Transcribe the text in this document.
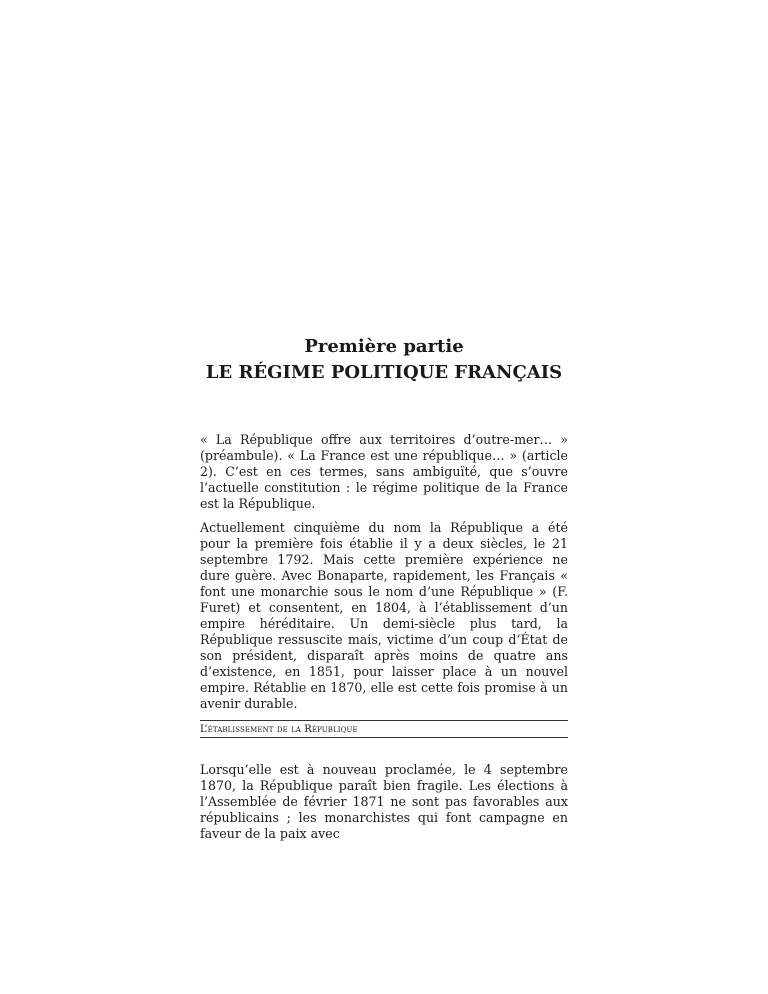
Première partie
LE RÉGIME POLITIQUE FRANÇAIS

« La République offre aux territoires d’outre-mer… » (préambule). « La France est une république… » (article 2). C’est en ces termes, sans ambiguïté, que s’ouvre l’actuelle constitution : le régime politique de la France est la République.

Actuellement cinquième du nom la République a été pour la première fois établie il y a deux siècles, le 21 septembre 1792. Mais cette première expérience ne dure guère. Avec Bonaparte, rapidement, les Français « font une monarchie sous le nom d’une République » (F. Furet) et consentent, en 1804, à l’établissement d’un empire héréditaire. Un demi-siècle plus tard, la République ressuscite mais, victime d’un coup d’État de son président, disparaît après moins de quatre ans d’existence, en 1851, pour laisser place à un nouvel empire. Rétablie en 1870, elle est cette fois promise à un avenir durable.

L’établissement de la République

Lorsqu’elle est à nouveau proclamée, le 4 septembre 1870, la République paraît bien fragile. Les élections à l’Assemblée de février 1871 ne sont pas favorables aux républicains ; les monarchistes qui font campagne en faveur de la paix avec
